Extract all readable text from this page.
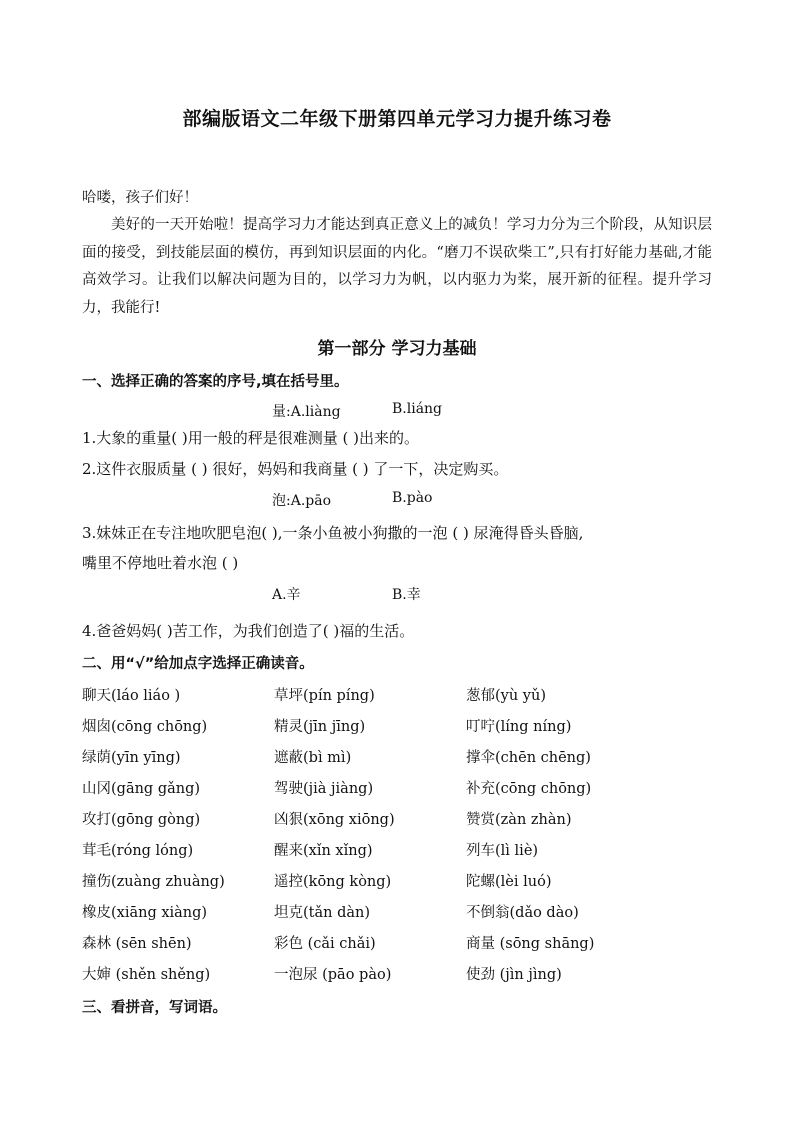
部编版语文二年级下册第四单元学习力提升练习卷
哈喽，孩子们好！

美好的一天开始啦！提高学习力才能达到真正意义上的减负！学习力分为三个阶段，从知识层面的接受，到技能层面的模仿，再到知识层面的内化。“磨刀不误砍柴工”,只有打好能力基础,才能高效学习。让我们以解决问题为目的，以学习力为帆，以内驱力为桨，展开新的征程。提升学习力，我能行!

第一部分 学习力基础
一、选择正确的答案的序号,填在括号里。
量:A.liàng	B.liáng
1.大象的重量( )用一般的秤是很难测量 ( )出来的。
2.这件衣服质量 ( ) 很好，妈妈和我商量 ( ) 了一下，决定购买。
泡:A.pāo	B.pào
3.妹妹正在专注地吹肥皂泡( ),一条小鱼被小狗撒的一泡 ( ) 尿淹得昏头昏脑,
嘴里不停地吐着水泡 ( )
A.辛	B.幸
4.爸爸妈妈( )苦工作，为我们创造了( )福的生活。
二、用“√”给加点字选择正确读音。
聊天(láo liáo )	草坪(pín píng)	葱郁(yù yǔ)
烟囱(cōng chōng)	精灵(jīn jīng)	叮咛(líng níng)
绿荫(yīn yīng)	遮蔽(bì mì)	撑伞(chēn chēng)
山冈(gāng gǎng)	驾驶(jià jiàng)	补充(cōng chōng)
攻打(gōng gòng)	凶狠(xōng xiōng)	赞赏(zàn zhàn)
茸毛(róng lóng)	醒来(xǐn xǐng)	列车(lì liè)
撞伤(zuàng zhuàng)	遥控(kōng kòng)	陀螺(lèi luó)
橡皮(xiāng xiàng)	坦克(tǎn dàn)	不倒翁(dǎo dào)
森林 (sēn shēn)	彩色 (cǎi chǎi)	商量 (sōng shāng)
大婶 (shěn shěng)	一泡尿 (pāo pào)	使劲 (jìn jìng)
三、看拼音，写词语。
